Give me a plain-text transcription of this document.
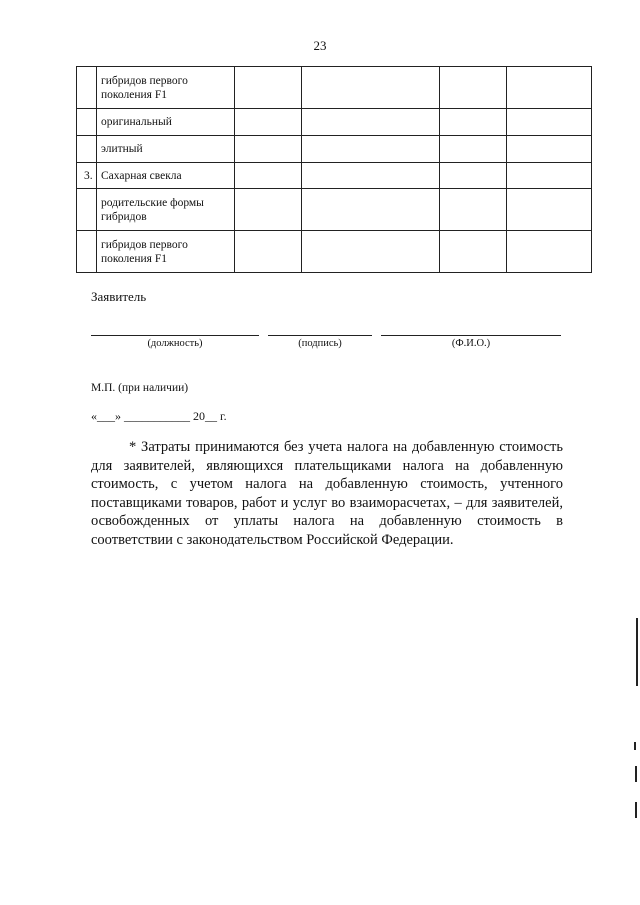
23
	гибридов первого поколения F1				
	оригинальный				
	элитный				
3.	Сахарная свекла				
	родительские формы гибридов				
	гибридов первого поколения F1				
Заявитель
(должность)	(подпись)	(Ф.И.О.)
М.П. (при наличии)
«___» ___________ 20__ г.

* Затраты принимаются без учета налога на добавленную стоимость для заявителей, являющихся плательщиками налога на добавленную стоимость, с учетом налога на добавленную стоимость, учтенного поставщиками товаров, работ и услуг во взаиморасчетах, – для заявителей, освобожденных от уплаты налога на добавленную стоимость в соответствии с законодательством Российской Федерации.
